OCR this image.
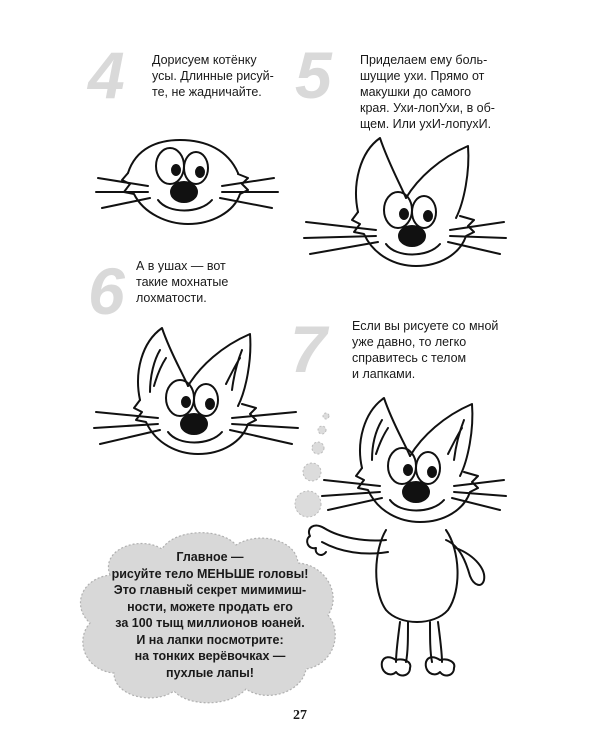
4 Дорисуем котёнку
усы. Длинные рисуй-
те, не жадничайте. 5 Приделаем ему боль-
шущие ухи. Прямо от
макушки до самого
края. Ухи-лопУхи, в об-
щем. Или ухИ-лопухИ.
6 А в ушах — вот
такие мохнатые
лохматости.
7 Если вы рисуете со мной
уже давно, то легко
справитесь с телом
и лапками.
Главное —
рисуйте тело МЕНЬШЕ головы!
Это главный секрет мимимиш-
ности, можете продать его
за 100 тыщ миллионов юаней.
И на лапки посмотрите:
на тонких верёвочках —
пухлые лапы!
27
